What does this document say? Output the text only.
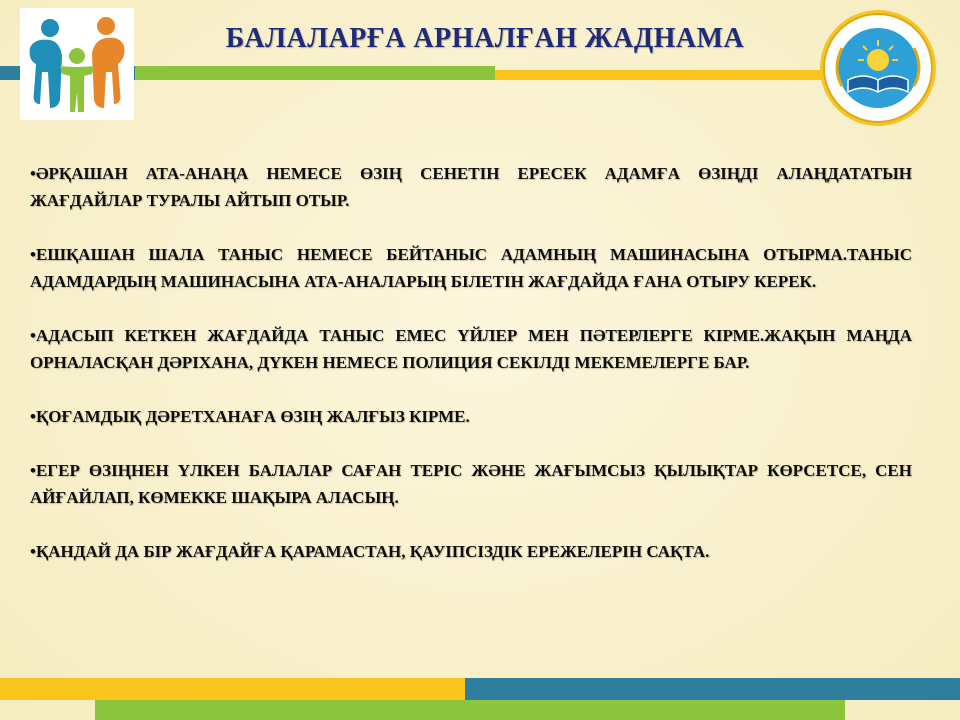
БАЛАЛАРҒА АРНАЛҒАН ЖАДНАМА

•ӘРҚАШАН АТА-АНАҢА НЕМЕСЕ ӨЗІҢ СЕНЕТІН ЕРЕСЕК АДАМҒА ӨЗІҢДІ АЛАҢДАТАТЫН ЖАҒДАЙЛАР ТУРАЛЫ АЙТЫП ОТЫР.

•ЕШҚАШАН ШАЛА ТАНЫС НЕМЕСЕ БЕЙТАНЫС АДАМНЫҢ МАШИНАСЫНА ОТЫРМА.ТАНЫС АДАМДАРДЫҢ МАШИНАСЫНА АТА-АНАЛАРЫҢ БІЛЕТІН ЖАҒДАЙДА ҒАНА ОТЫРУ КЕРЕК.

•АДАСЫП КЕТКЕН ЖАҒДАЙДА ТАНЫС ЕМЕС ҮЙЛЕР МЕН ПӘТЕРЛЕРГЕ КІРМЕ.ЖАҚЫН МАҢДА ОРНАЛАСҚАН ДӘРІХАНА, ДҮКЕН НЕМЕСЕ ПОЛИЦИЯ СЕКІЛДІ МЕКЕМЕЛЕРГЕ БАР.

•ҚОҒАМДЫҚ ДӘРЕТХАНАҒА ӨЗІҢ ЖАЛҒЫЗ КІРМЕ.

•ЕГЕР ӨЗІҢНЕН ҮЛКЕН БАЛАЛАР САҒАН ТЕРІС ЖӘНЕ ЖАҒЫМСЫЗ ҚЫЛЫҚТАР КӨРСЕТСЕ, СЕН АЙҒАЙЛАП, КӨМЕККЕ ШАҚЫРА АЛАСЫҢ.

•ҚАНДАЙ ДА БІР ЖАҒДАЙҒА ҚАРАМАСТАН, ҚАУІПСІЗДІК ЕРЕЖЕЛЕРІН САҚТА.
